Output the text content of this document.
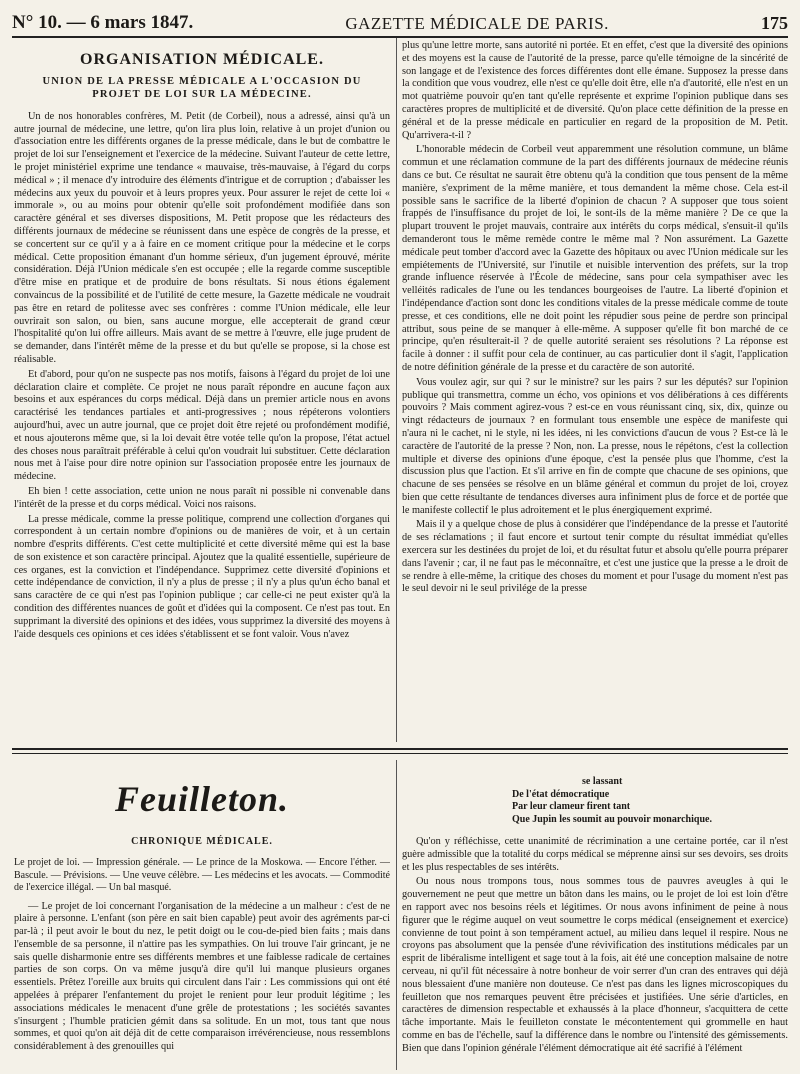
N° 10. — 6 mars 1847.	GAZETTE MÉDICALE DE PARIS.	175
ORGANISATION MÉDICALE.
UNION DE LA PRESSE MÉDICALE A L'OCCASION DU PROJET DE LOI SUR LA MÉDECINE.

Un de nos honorables confrères, M. Petit (de Corbeil), nous a adressé, ainsi qu'à un autre journal de médecine, une lettre, qu'on lira plus loin, relative à un projet d'union ou d'association entre les différents organes de la presse médicale, dans le but de combattre le projet de loi sur l'enseignement et l'exercice de la médecine. Suivant l'auteur de cette lettre, le projet ministériel exprime une tendance « mauvaise, très-mauvaise, à l'égard du corps médical » ; il menace d'y introduire des éléments d'intrigue et de corruption ; d'abaisser les médecins aux yeux du pouvoir et à leurs propres yeux. Pour assurer le rejet de cette loi « immorale », ou au moins pour obtenir qu'elle soit profondément modifiée dans son caractère général et ses diverses dispositions, M. Petit propose que les rédacteurs des différents journaux de médecine se réunissent dans une espèce de congrès de la presse, et se concertent sur ce qu'il y a à faire en ce moment critique pour la médecine et le corps médical. Cette proposition émanant d'un homme sérieux, d'un jugement éprouvé, mérite considération. Déjà l'Union médicale s'en est occupée ; elle la regarde comme susceptible d'être mise en pratique et de produire de bons résultats. Si nous étions également convaincus de la possibilité et de l'utilité de cette mesure, la Gazette médicale ne voudrait pas être en retard de politesse avec ses confrères : comme l'Union médicale, elle leur ouvrirait son salon, ou bien, sans aucune morgue, elle accepterait de grand cœur l'hospitalité qu'on lui offre ailleurs. Mais avant de se mettre à l'œuvre, elle juge prudent de se demander, dans l'intérêt même de la presse et du but qu'elle se propose, si la chose est réalisable.

Et d'abord, pour qu'on ne suspecte pas nos motifs, faisons à l'égard du projet de loi une déclaration claire et complète. Ce projet ne nous paraît répondre en aucune façon aux besoins et aux espérances du corps médical. Déjà dans un premier article nous en avons caractérisé les tendances partiales et anti-progressives ; nous répéterons volontiers aujourd'hui, avec un autre journal, que ce projet doit être rejeté ou profondément modifié, et nous ajouterons même que, si la loi devait être votée telle qu'on la propose, l'état actuel des choses nous paraîtrait préférable à celui qu'on voudrait lui substituer. Cette déclaration nous met à l'aise pour dire notre opinion sur l'association proposée entre les journaux de médecine.

Eh bien ! cette association, cette union ne nous paraît ni possible ni convenable dans l'intérêt de la presse et du corps médical. Voici nos raisons.

La presse médicale, comme la presse politique, comprend une collection d'organes qui correspondent à un certain nombre d'opinions ou de manières de voir, et à un certain nombre d'esprits différents. C'est cette multiplicité et cette diversité même qui est la base de son existence et son caractère principal. Ajoutez que la qualité essentielle, supérieure de ces organes, est la conviction et l'indépendance. Supprimez cette diversité d'opinions et cette indépendance de conviction, il n'y a plus de presse ; il n'y a plus qu'un écho banal et sans caractère de ce qui n'est pas l'opinion publique ; car celle-ci ne peut exister qu'à la condition des différentes nuances de goût et d'idées qui la composent. Ce n'est pas tout. En supprimant la diversité des opinions et des idées, vous supprimez la diversité des moyens à l'aide desquels ces opinions et ces idées s'établissent et se font valoir. Vous n'avez

plus qu'une lettre morte, sans autorité ni portée. Et en effet, c'est que la diversité des opinions et des moyens est la cause de l'autorité de la presse, parce qu'elle témoigne de la sincérité de son langage et de l'existence des forces différentes dont elle émane. Supposez la presse dans la condition que vous voudrez, elle n'est ce qu'elle doit être, elle n'a d'autorité, elle n'est en un mot quatrième pouvoir qu'en tant qu'elle représente et exprime l'opinion publique dans ses caractères propres de multiplicité et de diversité. Qu'on place cette définition de la presse en général et de la presse médicale en particulier en regard de la proposition de M. Petit. Qu'arrivera-t-il ?

L'honorable médecin de Corbeil veut apparemment une résolution commune, un blâme commun et une réclamation commune de la part des différents journaux de médecine réunis dans ce but. Ce résultat ne saurait être obtenu qu'à la condition que tous pensent de la même manière, s'expriment de la même manière, et tous demandent la même chose. Cela est-il possible sans le sacrifice de la liberté d'opinion de chacun ? A supposer que tous soient frappés de l'insuffisance du projet de loi, le sont-ils de la même manière ? De ce que la plupart trouvent le projet mauvais, contraire aux intérêts du corps médical, s'ensuit-il qu'ils demanderont tous le même remède contre le même mal ? Non assurément. La Gazette médicale peut tomber d'accord avec la Gazette des hôpitaux ou avec l'Union médicale sur les empiétements de l'Université, sur l'inutile et nuisible intervention des préfets, sur la trop grande influence réservée à l'École de médecine, sans pour cela sympathiser avec les velléités radicales de l'une ou les tendances bourgeoises de l'autre. La liberté d'opinion et l'indépendance d'action sont donc les conditions vitales de la presse médicale comme de toute presse, et ces conditions, elle ne doit point les répudier sous peine de perdre son principal attribut, sous peine de se manquer à elle-même. A supposer qu'elle fit bon marché de ce principe, qu'en résulterait-il ? de quelle autorité seraient ses résolutions ? La réponse est facile à donner : il suffit pour cela de continuer, au cas particulier dont il s'agit, l'application de notre définition générale de la presse et du caractère de son autorité.

Vous voulez agir, sur qui ? sur le ministre? sur les pairs ? sur les députés? sur l'opinion publique qui transmettra, comme un écho, vos opinions et vos délibérations à ces différents pouvoirs ? Mais comment agirez-vous ? est-ce en vous réunissant cinq, six, dix, quinze ou vingt rédacteurs de journaux ? en formulant tous ensemble une espèce de manifeste qui n'aura ni le cachet, ni le style, ni les idées, ni les convictions d'aucun de vous ? Est-ce là le caractère de l'autorité de la presse ? Non, non. La presse, nous le répétons, c'est la collection multiple et diverse des opinions d'une époque, c'est la pensée plus que l'homme, c'est la discussion plus que l'action. Et s'il arrive en fin de compte que chacune de ses opinions, que chacune de ses pensées se résolve en un blâme général et commun du projet de loi, croyez bien que cette résultante de tendances diverses aura infiniment plus de force et de portée que le manifeste collectif le plus adroitement et le plus énergiquement exprimé.

Mais il y a quelque chose de plus à considérer que l'indépendance de la presse et l'autorité de ses réclamations ; il faut encore et surtout tenir compte du résultat immédiat qu'elles exercera sur les destinées du projet de loi, et du résultat futur et absolu qu'elle pourra préparer dans l'avenir ; car, il ne faut pas le méconnaître, et c'est une justice que la presse a le droit de se rendre à elle-même, la critique des choses du moment et pour l'usage du moment n'est pas le seul devoir ni le seul privilége de la presse

Feuilleton.
CHRONIQUE MÉDICALE.
Le projet de loi. — Impression générale. — Le prince de la Moskowa. — Encore l'éther. — Bascule. — Prévisions. — Une veuve célèbre. — Les médecins et les avocats. — Commodité de l'exercice illégal. — Un bal masqué.

— Le projet de loi concernant l'organisation de la médecine a un malheur : c'est de ne plaire à personne. L'enfant (son père en sait bien capable) peut avoir des agréments par-ci par-là ; il peut avoir le bout du nez, le petit doigt ou le cou-de-pied bien faits ; mais dans l'ensemble de sa personne, il n'attire pas les sympathies. On lui trouve l'air grincant, je ne sais quelle disharmonie entre ses différents membres et une faiblesse radicale de certaines parties de son corps. On va même jusqu'à dire qu'il lui manque plusieurs organes essentiels. Prêtez l'oreille aux bruits qui circulent dans l'air : Les commissions qui ont été appelées à préparer l'enfantement du projet le renient pour leur produit légitime ; les associations médicales le menacent d'une grêle de protestations ; les sociétés savantes s'insurgent ; l'humble praticien gémit dans sa solitude. En un mot, tous tant que nous sommes, et quoi qu'on ait déjà dit de cette comparaison irrévérencieuse, nous ressemblons considérablement à des grenouilles qui

se lassant
De l'état démocratique
Par leur clameur firent tant
Que Jupin les soumit au pouvoir monarchique.

Qu'on y réfléchisse, cette unanimité de récrimination a une certaine portée, car il n'est guère admissible que la totalité du corps médical se méprenne ainsi sur ses devoirs, ses droits et les plus respectables de ses intérêts.

Ou nous nous trompons tous, nous sommes tous de pauvres aveugles à qui le gouvernement ne peut que mettre un bâton dans les mains, ou le projet de loi est loin d'être en rapport avec nos besoins réels et légitimes. Or nous avons infiniment de peine à nous figurer que le régime auquel on veut soumettre le corps médical (enseignement et exercice) convienne de tout point à son tempérament actuel, au milieu dans lequel il respire. Nous ne croyons pas absolument que la pensée d'une révivification des institutions médicales par un esprit de libéralisme intelligent et sage tout à la fois, ait été une conception malsaine de notre cerveau, ni qu'il fût nécessaire à notre bonheur de voir serrer d'un cran des entraves qui déjà nous blessaient d'une manière non douteuse. Ce n'est pas dans les lignes microscopiques du feuilleton que nos remarques peuvent être précisées et justifiées. Une série d'articles, en caractères de dimension respectable et exhaussés à la place d'honneur, s'acquittera de cette tâche importante. Mais le feuilleton constate le mécontentement qui grommelle en haut comme en bas de l'échelle, sauf la différence dans le nombre ou l'intensité des gémissements. Bien que dans l'opinion générale l'élément démocratique ait été sacrifié à l'élément
